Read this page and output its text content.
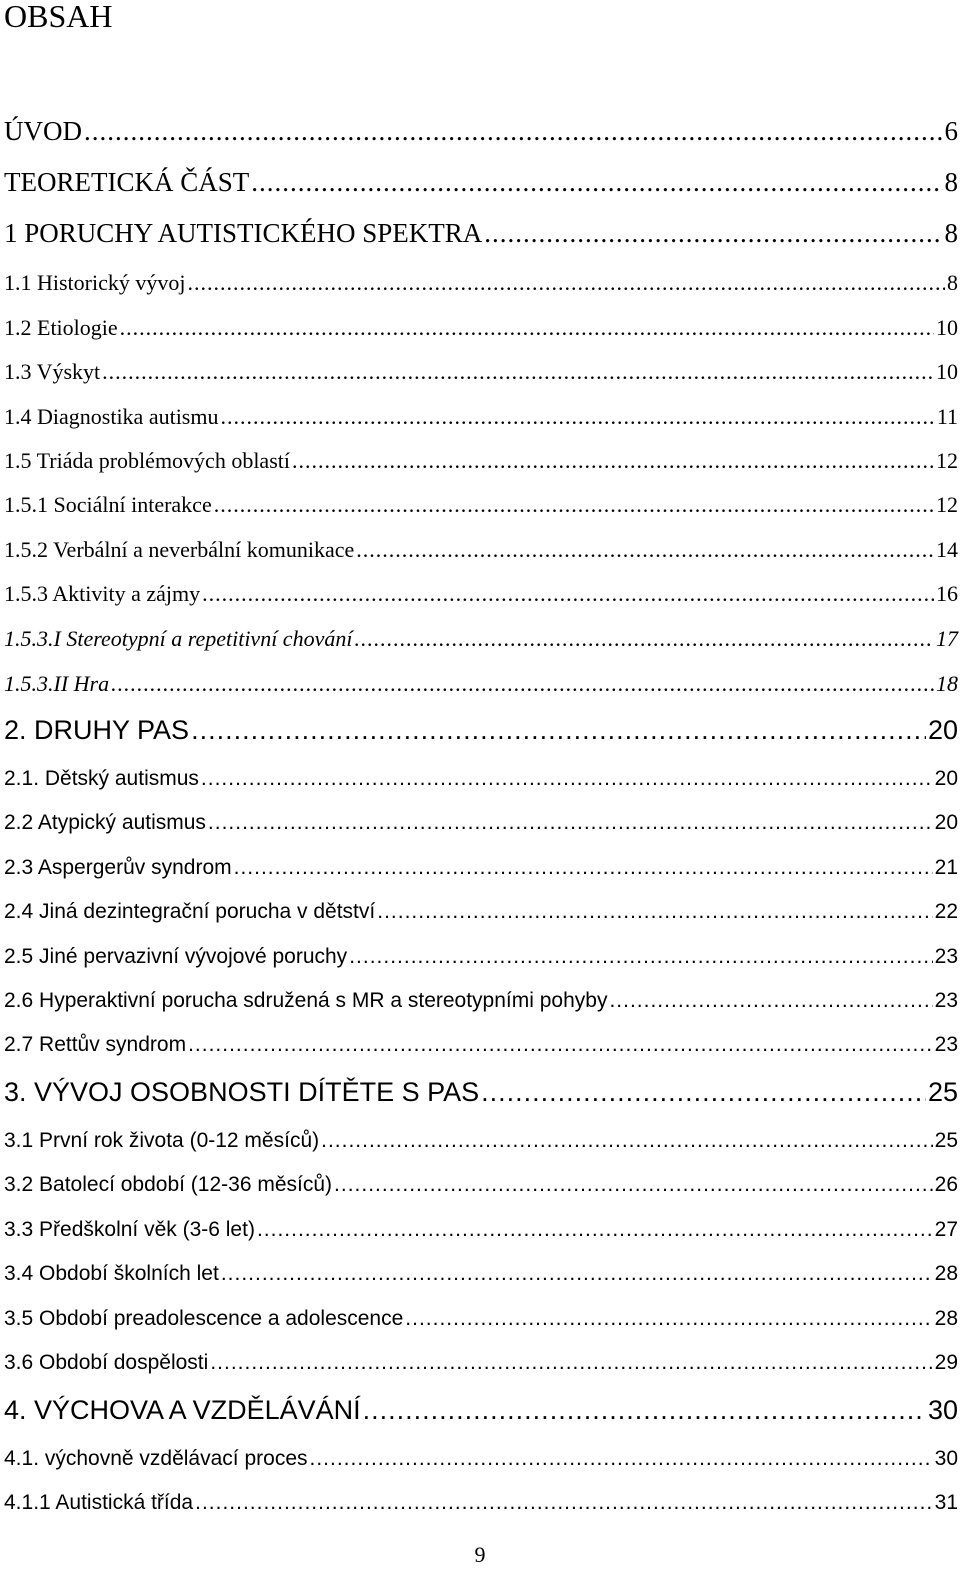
OBSAH
ÚVOD .....	6
TEORETICKÁ ČÁST .....	8
1 PORUCHY AUTISTICKÉHO SPEKTRA .....	8
1.1 Historický vývoj .....	8
1.2 Etiologie .....	10
1.3 Výskyt .....	10
1.4 Diagnostika autismu .....	11
1.5 Triáda problémových oblastí .....	12
1.5.1 Sociální interakce .....	12
1.5.2 Verbální a neverbální komunikace .....	14
1.5.3 Aktivity a zájmy .....	16
1.5.3.I Stereotypní a repetitivní chování .....	17
1.5.3.II Hra .....	18
2. DRUHY PAS .....	20
2.1. Dětský autismus .....	20
2.2 Atypický autismus .....	20
2.3 Aspergerův syndrom .....	21
2.4 Jiná dezintegrační porucha v dětství .....	22
2.5 Jiné pervazivní vývojové poruchy .....	23
2.6 Hyperaktivní porucha sdružená s MR a stereotypními pohyby .....	23
2.7 Rettův syndrom .....	23
3. VÝVOJ OSOBNOSTI DÍTĚTE S PAS .....	25
3.1 První rok života (0-12 měsíců) .....	25
3.2 Batolecí období (12-36 měsíců) .....	26
3.3 Předškolní věk (3-6 let) .....	27
3.4 Období školních let .....	28
3.5 Období preadolescence a adolescence .....	28
3.6 Období dospělosti .....	29
4. VÝCHOVA A VZDĚLÁVÁNÍ .....	30
4.1. výchovně vzdělávací proces .....	30
4.1.1 Autistická třída .....	31
9
